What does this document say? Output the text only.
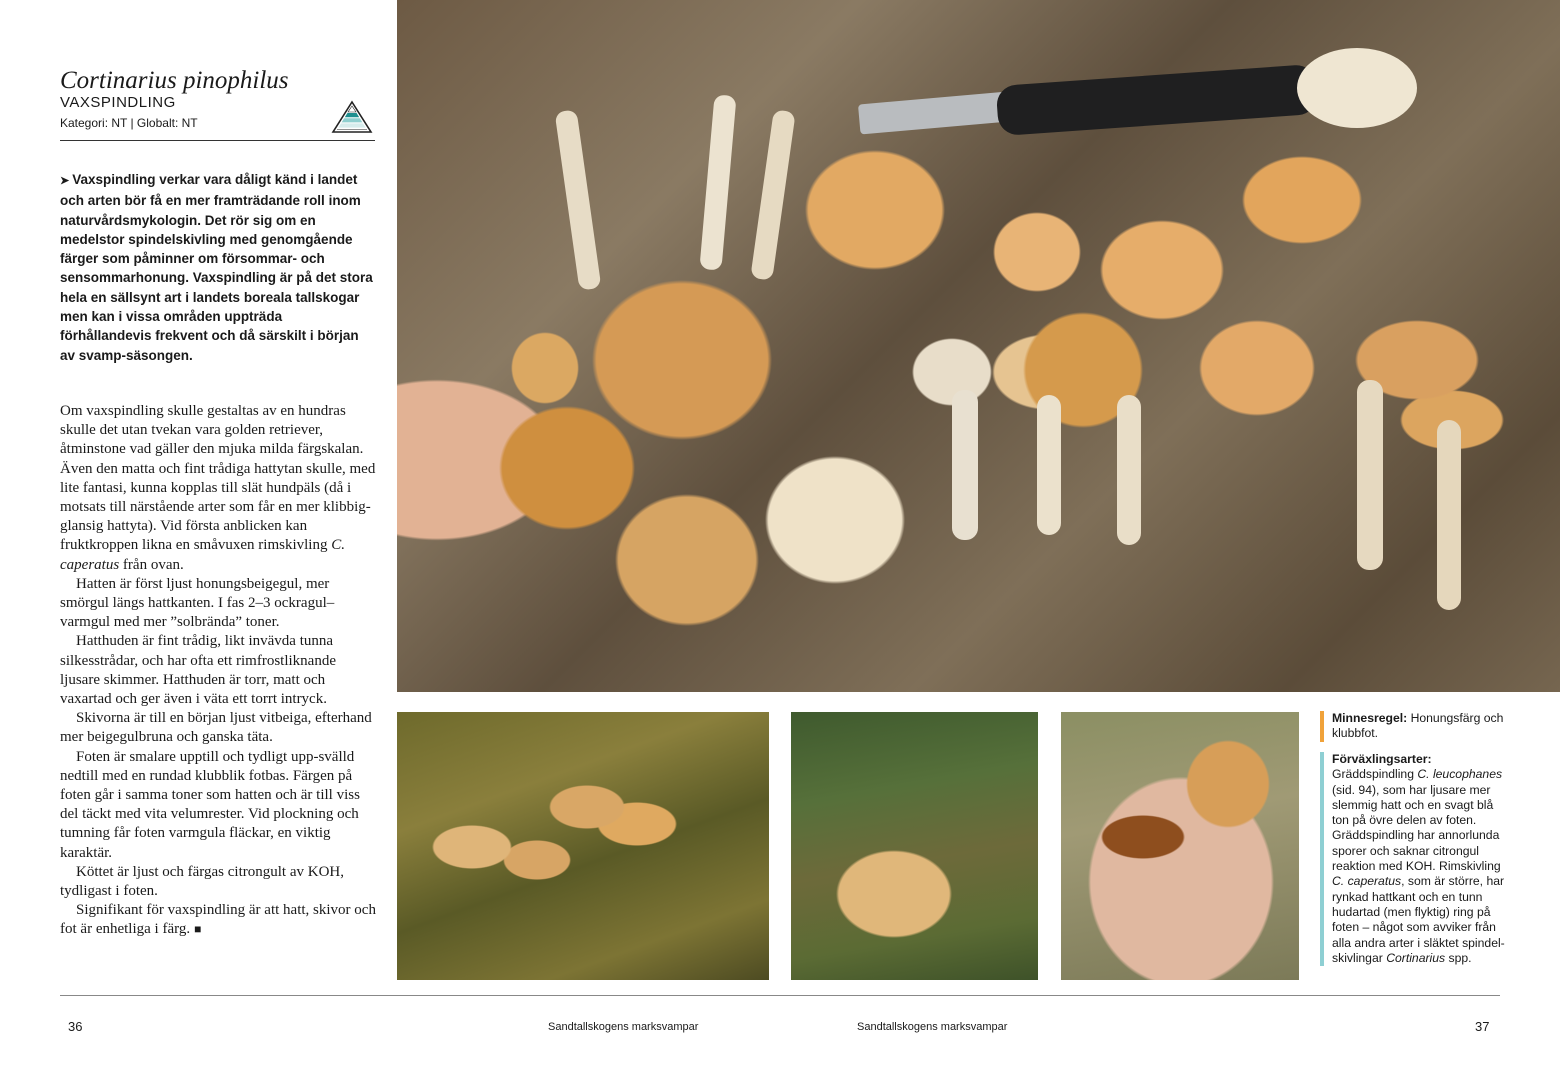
Cortinarius pinophilus
VAXSPINDLING
Kategori: NT | Globalt: NT
➤ Vaxspindling verkar vara dåligt känd i landet och arten bör få en mer framträdande roll inom naturvårdsmykologin. Det rör sig om en medelstor spindelskivling med genomgående färger som påminner om försommar- och sensommarhonung. Vaxspindling är på det stora hela en sällsynt art i landets boreala tallskogar men kan i vissa områden uppträda förhållandevis frekvent och då särskilt i början av svamp-säsongen.

Om vaxspindling skulle gestaltas av en hundras skulle det utan tvekan vara golden retriever, åtminstone vad gäller den mjuka milda färgskalan. Även den matta och fint trådiga hattytan skulle, med lite fantasi, kunna kopplas till slät hundpäls (då i motsats till närstående arter som får en mer klibbig-glansig hattyta). Vid första anblicken kan fruktkroppen likna en småvuxen rimskivling C. caperatus från ovan.

Hatten är först ljust honungsbeigegul, mer smörgul längs hattkanten. I fas 2–3 ockragul–varmgul med mer ”solbrända” toner.

Hatthuden är fint trådig, likt invävda tunna silkesstrådar, och har ofta ett rimfrostliknande ljusare skimmer. Hatthuden är torr, matt och vaxartad och ger även i väta ett torrt intryck.

Skivorna är till en början ljust vitbeiga, efterhand mer beigegulbruna och ganska täta.

Foten är smalare upptill och tydligt upp-svälld nedtill med en rundad klubblik fotbas. Färgen på foten går i samma toner som hatten och är till viss del täckt med vita velumrester. Vid plockning och tumning får foten varmgula fläckar, en viktig karaktär.

Köttet är ljust och färgas citrongult av KOH, tydligast i foten.

Signifikant för vaxspindling är att hatt, skivor och fot är enhetliga i färg. ■

Minnesregel: Honungsfärg och klubbfot.
Förväxlingsarter: Gräddspindling C. leucophanes (sid. 94), som har ljusare mer slemmig hatt och en svagt blå ton på övre delen av foten. Gräddspindling har annorlunda sporer och saknar citrongul reaktion med KOH. Rimskivling C. caperatus, som är större, har rynkad hattkant och en tunn hudartad (men flyktig) ring på foten – något som avviker från alla andra arter i släktet spindel-skivlingar Cortinarius spp.
36	Sandtallskogens marksvampar	Sandtallskogens marksvampar	37
